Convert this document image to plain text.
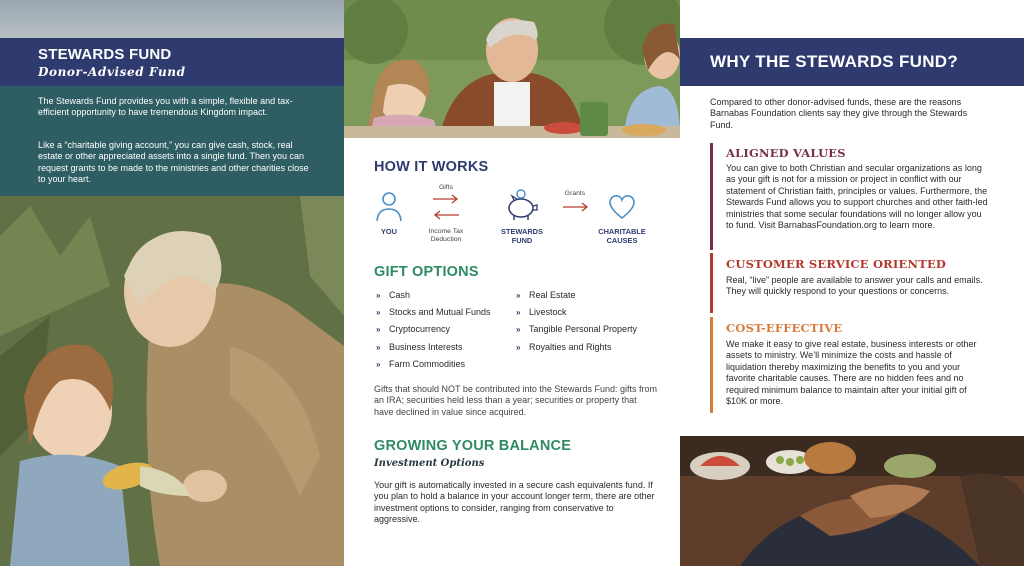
STEWARDS FUND
Donor-Advised Fund

The Stewards Fund provides you with a simple, flexible and tax-efficient opportunity to have tremendous Kingdom impact.

Like a “charitable giving account,” you can give cash, stock, real estate or other appreciated assets into a single fund. Then you can request grants to be made to the ministries and other charities close to your heart.

HOW IT WORKS
YOU
Gifts
Income Tax
Deduction
STEWARDS
FUND
Grants
CHARITABLE
CAUSES
GIFT OPTIONS
» Cash
» Stocks and Mutual Funds
» Cryptocurrency
» Business Interests
» Farm Commodities
» Real Estate
» Livestock
» Tangible Personal Property
» Royalties and Rights

Gifts that should NOT be contributed into the Stewards Fund: gifts from an IRA; securities held less than a year; securities or property that have declined in value since acquired.

GROWING YOUR BALANCE
Investment Options

Your gift is automatically invested in a secure cash equivalents fund. If you plan to hold a balance in your account longer term, there are other investment options to consider, ranging from conservative to aggressive.

WHY THE STEWARDS FUND?

Compared to other donor-advised funds, these are the reasons Barnabas Foundation clients say they give through the Stewards Fund.

ALIGNED VALUES

You can give to both Christian and secular organizations as long as your gift is not for a mission or project in conflict with our statement of Christian faith, principles or values. Furthermore, the Stewards Fund allows you to support churches and other faith-led ministries that some secular foundations will no longer allow you to fund. Visit BarnabasFoundation.org to learn more.

CUSTOMER SERVICE ORIENTED

Real, “live” people are available to answer your calls and emails. They will quickly respond to your questions or concerns.

COST-EFFECTIVE

We make it easy to give real estate, business interests or other assets to ministry. We’ll minimize the costs and hassle of liquidation thereby maximizing the benefits to you and your favorite charitable causes. There are no hidden fees and no required minimum balance to maintain after your initial gift of $10K or more.
